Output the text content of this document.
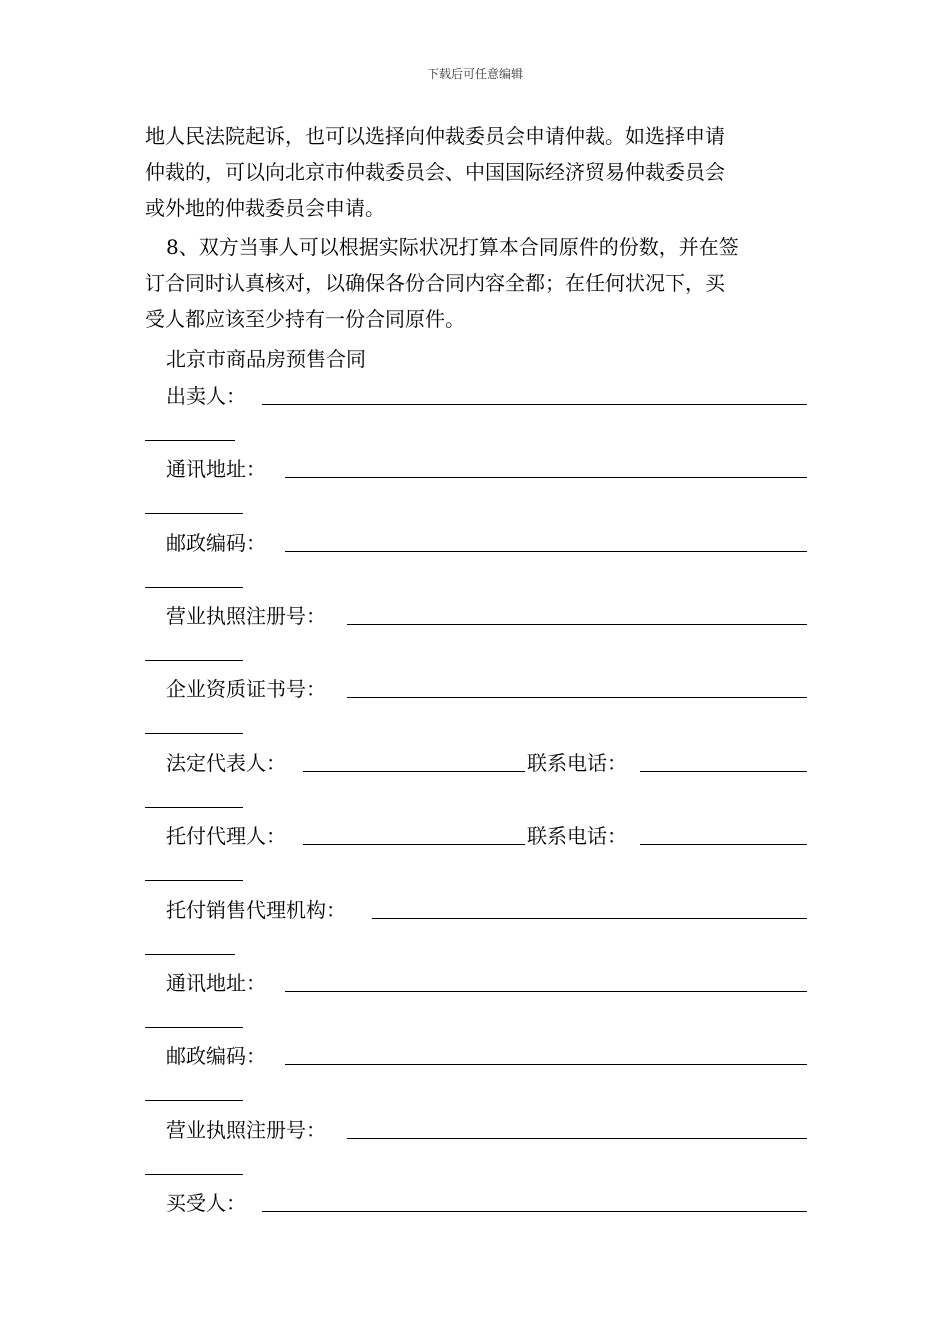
下载后可任意编辑
地人民法院起诉，也可以选择向仲裁委员会申请仲裁。如选择申请
仲裁的，可以向北京市仲裁委员会、中国国际经济贸易仲裁委员会
或外地的仲裁委员会申请。
8、双方当事人可以根据实际状况打算本合同原件的份数，并在签
订合同时认真核对，以确保各份合同内容全都；在任何状况下，买
受人都应该至少持有一份合同原件。
北京市商品房预售合同
出卖人：
通讯地址：
邮政编码：
营业执照注册号：
企业资质证书号：
法定代表人：	联系电话：
托付代理人：	联系电话：
托付销售代理机构：
通讯地址：
邮政编码：
营业执照注册号：
买受人：
